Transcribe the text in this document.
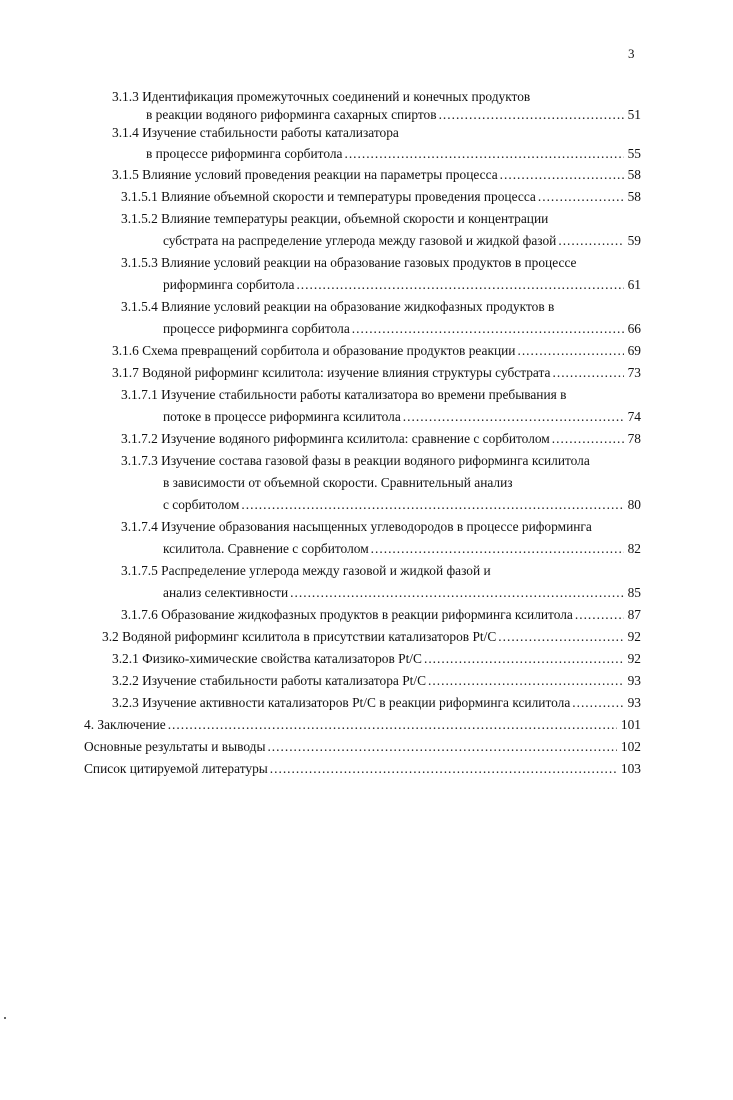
3
3.1.3 Идентификация промежуточных соединений и конечных продуктов
в реакции водяного риформинга сахарных спиртов .....	51
3.1.4 Изучение стабильности работы катализатора
в процессе риформинга сорбитола .....	55
3.1.5 Влияние условий проведения реакции на параметры процесса .....	58
3.1.5.1 Влияние объемной скорости и температуры проведения процесса .....	58
3.1.5.2 Влияние температуры реакции, объемной скорости и концентрации
субстрата на распределение углерода между газовой и жидкой фазой .....	59
3.1.5.3 Влияние условий реакции на образование газовых продуктов в процессе
риформинга сорбитола .....	61
3.1.5.4 Влияние условий реакции на образование жидкофазных продуктов в
процессе риформинга сорбитола .....	66
3.1.6 Схема превращений сорбитола и образование продуктов реакции .....	69
3.1.7 Водяной риформинг ксилитола: изучение влияния структуры субстрата .....	73
3.1.7.1 Изучение стабильности работы катализатора во времени пребывания в
потоке в процессе риформинга ксилитола .....	74
3.1.7.2 Изучение водяного риформинга ксилитола: сравнение с сорбитолом .....	78
3.1.7.3 Изучение состава газовой фазы в реакции водяного риформинга ксилитола
в зависимости от объемной скорости. Сравнительный анализ
с сорбитолом .....	80
3.1.7.4 Изучение образования насыщенных углеводородов в процессе риформинга
ксилитола. Сравнение с сорбитолом .....	82
3.1.7.5 Распределение углерода между газовой и жидкой фазой и
анализ селективности .....	85
3.1.7.6 Образование жидкофазных продуктов в реакции риформинга ксилитола .....	87
3.2 Водяной риформинг ксилитола в присутствии катализаторов Pt/C .....	92
3.2.1 Физико-химические свойства катализаторов Pt/C .....	92
3.2.2 Изучение стабильности работы катализатора Pt/C .....	93
3.2.3 Изучение активности катализаторов Pt/C в реакции риформинга ксилитола .....	93
4. Заключение .....	101
Основные результаты и выводы .....	102
Список цитируемой литературы .....	103
